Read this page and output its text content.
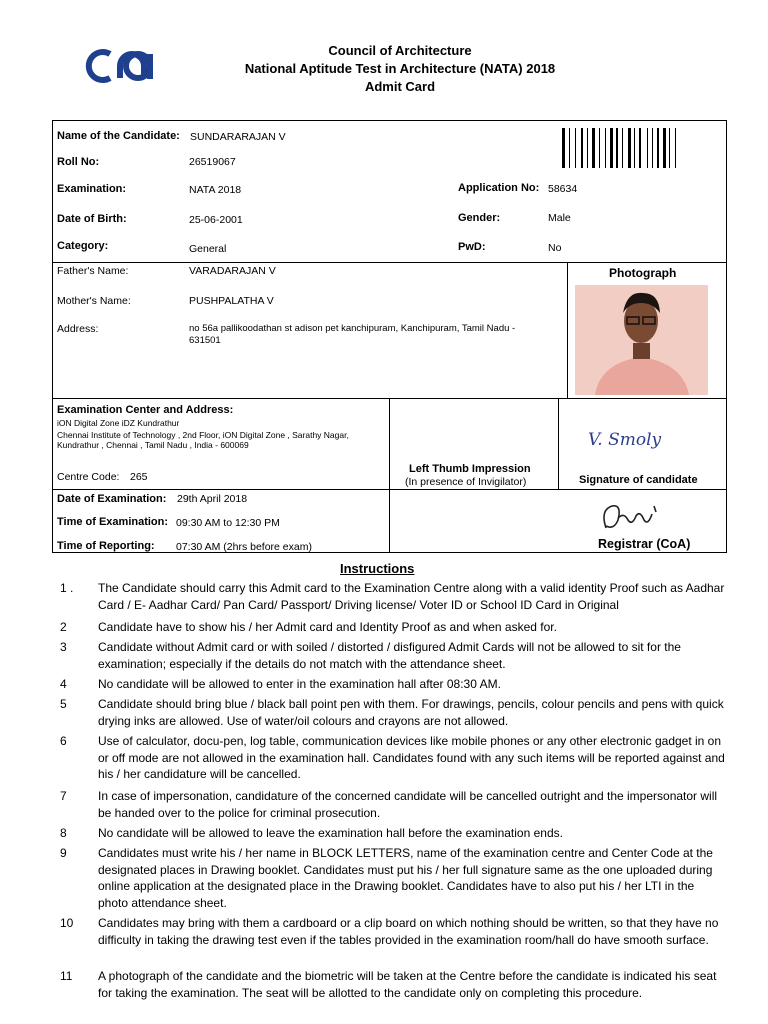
Council of Architecture
National Aptitude Test in Architecture (NATA) 2018
Admit Card
Name of the Candidate: SUNDARARAJAN V
Roll No:	26519067
Examination:	NATA 2018	Application No: 58634
Date of Birth:	25-06-2001	Gender:	Male
Category:	General	PwD:	No
Father's Name:	VARADARAJAN V
Mother's Name:	PUSHPALATHA V
Address:	no 56a pallikoodathan st adison pet kanchipuram, Kanchipuram, Tamil Nadu - 631501
Photograph
Examination Center and Address:
iON Digital Zone iDZ Kundrathur
Chennai Institute of Technology , 2nd Floor, iON Digital Zone , Sarathy Nagar, Kundrathur , Chennai , Tamil Nadu , India - 600069
Centre Code: 265
Left Thumb Impression
(In presence of Invigilator)
V. Smoly
Signature of candidate
Date of Examination: 29th April 2018
Time of Examination: 09:30 AM to 12:30 PM
Time of Reporting: 07:30 AM (2hrs before exam)	Registrar (CoA)
Instructions
1 .	The Candidate should carry this Admit card to the Examination Centre along with a valid identity Proof such as Aadhar Card / E- Aadhar Card/ Pan Card/ Passport/ Driving license/ Voter ID or School ID Card in Original
2	Candidate have to show his / her Admit card and Identity Proof as and when asked for.
3	Candidate without Admit card or with soiled / distorted / disfigured Admit Cards will not be allowed to sit for the examination; especially if the details do not match with the attendance sheet.
4	No candidate will be allowed to enter in the examination hall after 08:30 AM.
5	Candidate should bring blue / black ball point pen with them. For drawings, pencils, colour pencils and pens with quick drying inks are allowed. Use of water/oil colours and crayons are not allowed.
6	Use of calculator, docu-pen, log table, communication devices like mobile phones or any other electronic gadget in on or off mode are not allowed in the examination hall. Candidates found with any such items will be reported against and his / her candidature will be cancelled.
7	In case of impersonation, candidature of the concerned candidate will be cancelled outright and the impersonator will be handed over to the police for criminal prosecution.
8	No candidate will be allowed to leave the examination hall before the examination ends.
9	Candidates must write his / her name in BLOCK LETTERS, name of the examination centre and Center Code at the designated places in Drawing booklet. Candidates must put his / her full signature same as the one uploaded during online application at the designated place in the Drawing booklet. Candidates have to also put his / her LTI in the photo attendance sheet.
10	Candidates may bring with them a cardboard or a clip board on which nothing should be written, so that they have no difficulty in taking the drawing test even if the tables provided in the examination room/hall do have smooth surface.
11	A photograph of the candidate and the biometric will be taken at the Centre before the candidate is indicated his seat for taking the examination. The seat will be allotted to the candidate only on completing this procedure.
